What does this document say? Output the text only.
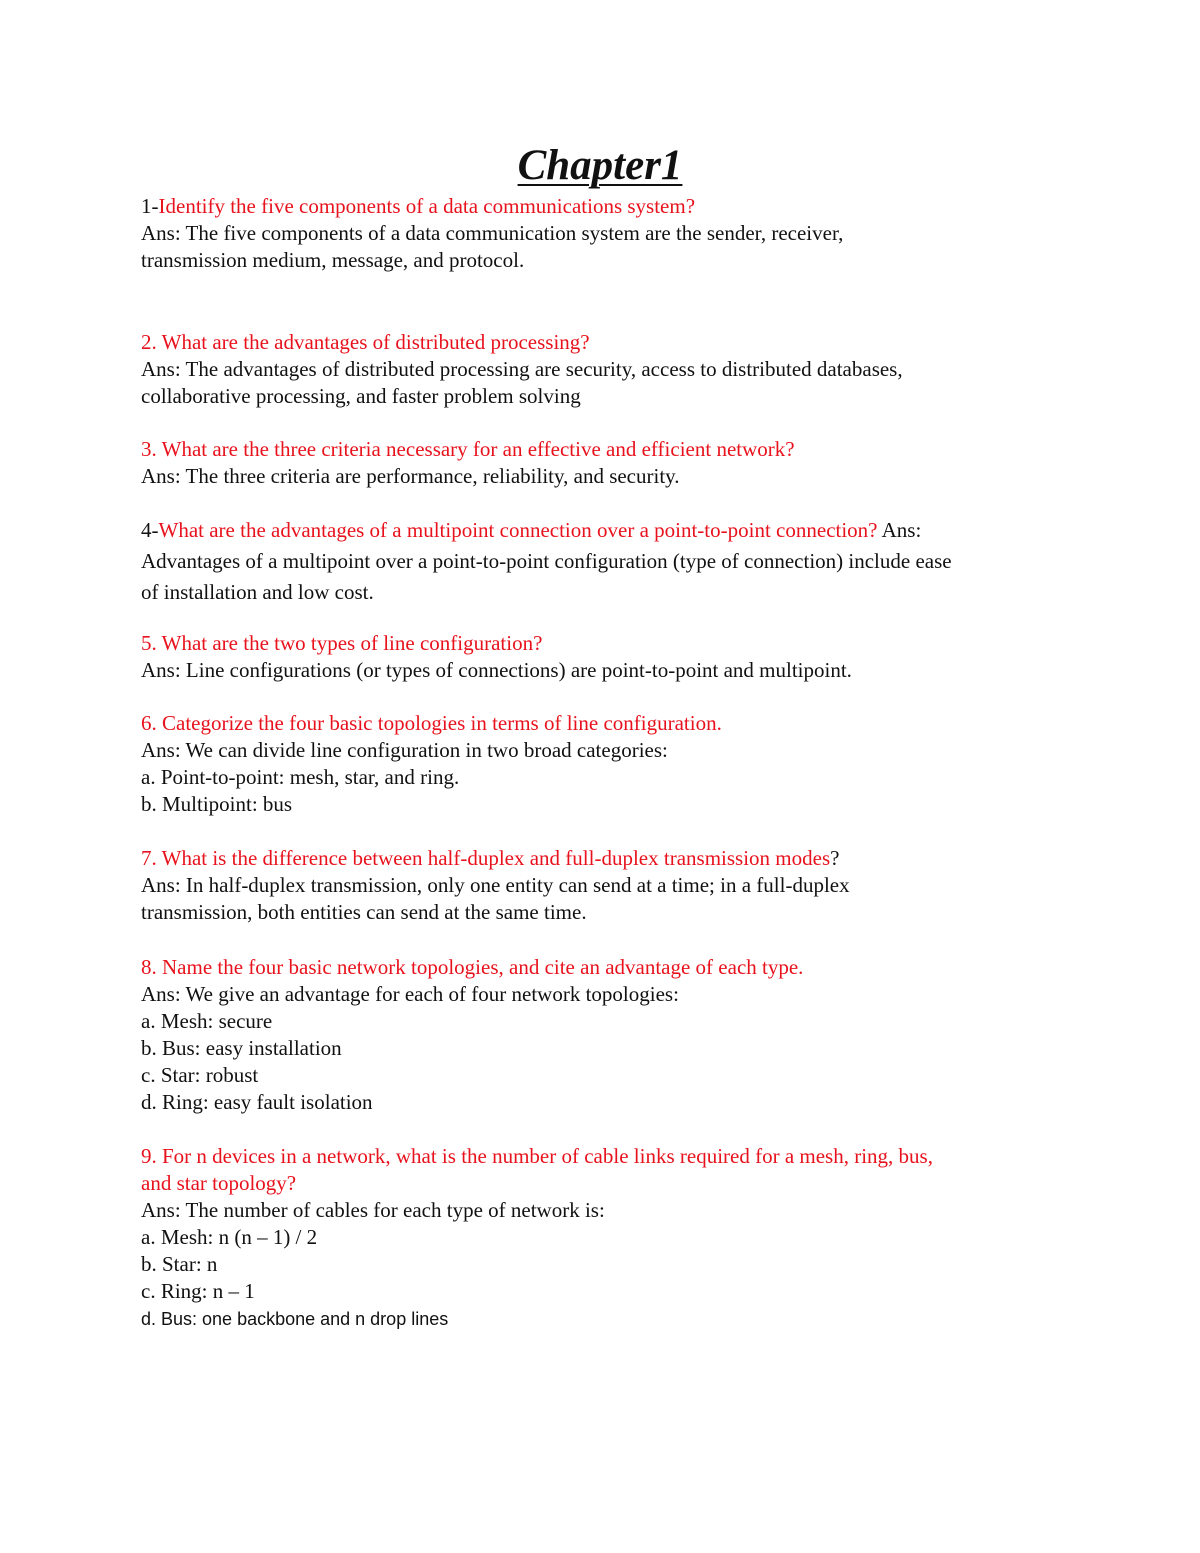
Chapter1
1-Identify the five components of a data communications system?
Ans: The five components of a data communication system are the sender, receiver,
transmission medium, message, and protocol.
2. What are the advantages of distributed processing?
Ans: The advantages of distributed processing are security, access to distributed databases,
collaborative processing, and faster problem solving
3. What are the three criteria necessary for an effective and efficient network?
Ans: The three criteria are performance, reliability, and security.
4-What are the advantages of a multipoint connection over a point-to-point connection? Ans:
Advantages of a multipoint over a point-to-point configuration (type of connection) include ease
of installation and low cost.
5. What are the two types of line configuration?
Ans: Line configurations (or types of connections) are point-to-point and multipoint.
6. Categorize the four basic topologies in terms of line configuration.
Ans: We can divide line configuration in two broad categories:
a. Point-to-point: mesh, star, and ring.
b. Multipoint: bus
7. What is the difference between half-duplex and full-duplex transmission modes?
Ans: In half-duplex transmission, only one entity can send at a time; in a full-duplex
transmission, both entities can send at the same time.
8. Name the four basic network topologies, and cite an advantage of each type.
Ans: We give an advantage for each of four network topologies:
a. Mesh: secure
b. Bus: easy installation
c. Star: robust
d. Ring: easy fault isolation
9. For n devices in a network, what is the number of cable links required for a mesh, ring, bus,
and star topology?
Ans: The number of cables for each type of network is:
a. Mesh: n (n – 1) / 2
b. Star: n
c. Ring: n – 1
d. Bus: one backbone and n drop lines
